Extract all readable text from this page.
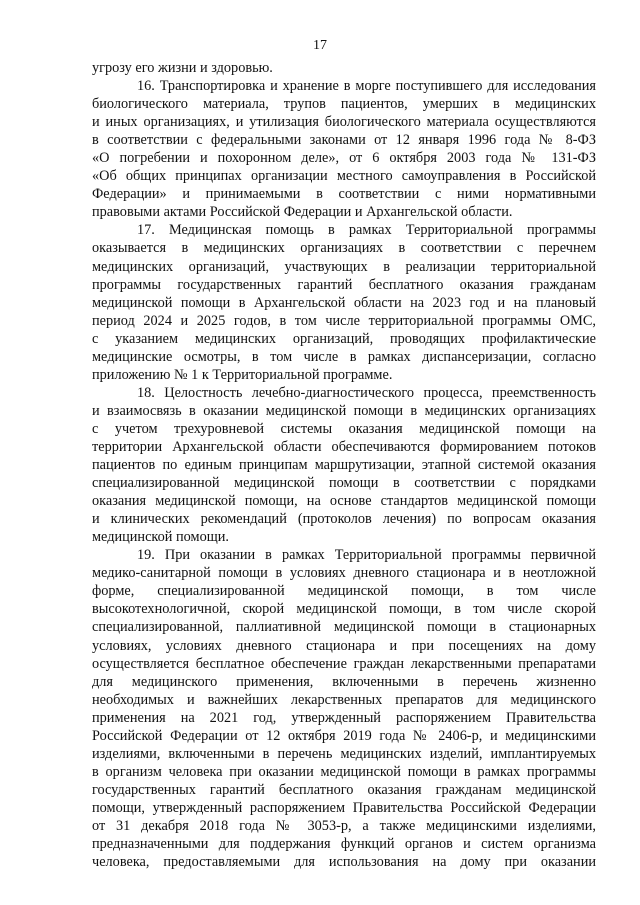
17
угрозу его жизни и здоровью.
16. Транспортировка и хранение в морге поступившего для исследования
биологического материала, трупов пациентов, умерших в медицинских
и иных организациях, и утилизация биологического материала осуществляются
в соответствии с федеральными законами от 12 января 1996 года № 8-ФЗ
«О погребении и похоронном деле», от 6 октября 2003 года № 131-ФЗ
«Об общих принципах организации местного самоуправления в Российской
Федерации» и принимаемыми в соответствии с ними нормативными
правовыми актами Российской Федерации и Архангельской области.
17. Медицинская помощь в рамках Территориальной программы
оказывается в медицинских организациях в соответствии с перечнем
медицинских организаций, участвующих в реализации территориальной
программы государственных гарантий бесплатного оказания гражданам
медицинской помощи в Архангельской области на 2023 год и на плановый
период 2024 и 2025 годов, в том числе территориальной программы ОМС,
с указанием медицинских организаций, проводящих профилактические
медицинские осмотры, в том числе в рамках диспансеризации, согласно
приложению № 1 к Территориальной программе.
18. Целостность лечебно-диагностического процесса, преемственность
и взаимосвязь в оказании медицинской помощи в медицинских организациях
с учетом трехуровневой системы оказания медицинской помощи на
территории Архангельской области обеспечиваются формированием потоков
пациентов по единым принципам маршрутизации, этапной системой оказания
специализированной медицинской помощи в соответствии с порядками
оказания медицинской помощи, на основе стандартов медицинской помощи
и клинических рекомендаций (протоколов лечения) по вопросам оказания
медицинской помощи.
19. При оказании в рамках Территориальной программы первичной
медико-санитарной помощи в условиях дневного стационара и в неотложной
форме, специализированной медицинской помощи, в том числе
высокотехнологичной, скорой медицинской помощи, в том числе скорой
специализированной, паллиативной медицинской помощи в стационарных
условиях, условиях дневного стационара и при посещениях на дому
осуществляется бесплатное обеспечение граждан лекарственными препаратами
для медицинского применения, включенными в перечень жизненно
необходимых и важнейших лекарственных препаратов для медицинского
применения на 2021 год, утвержденный распоряжением Правительства
Российской Федерации от 12 октября 2019 года № 2406-р, и медицинскими
изделиями, включенными в перечень медицинских изделий, имплантируемых
в организм человека при оказании медицинской помощи в рамках программы
государственных гарантий бесплатного оказания гражданам медицинской
помощи, утвержденный распоряжением Правительства Российской Федерации
от 31 декабря 2018 года № 3053-р, а также медицинскими изделиями,
предназначенными для поддержания функций органов и систем организма
человека, предоставляемыми для использования на дому при оказании
